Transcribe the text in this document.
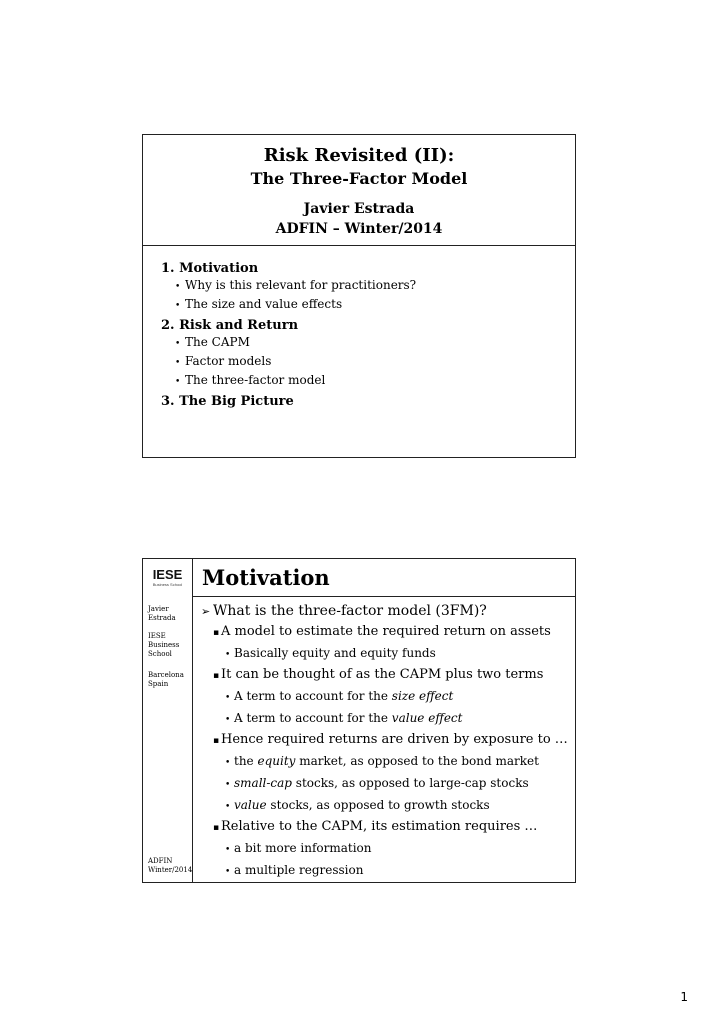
Risk Revisited (II):
The Three-Factor Model
Javier Estrada
ADFIN – Winter/2014
1. Motivation
• Why is this relevant for practitioners?
• The size and value effects
2. Risk and Return
• The CAPM
• Factor models
• The three-factor model
3. The Big Picture
IESE
Business School Motivation
Javier
Estrada
IESE
Business
School
Barcelona
Spain
ADFIN
Winter/2014
➢ What is the three-factor model (3FM)?
▪ A model to estimate the required return on assets
• Basically equity and equity funds
▪ It can be thought of as the CAPM plus two terms
• A term to account for the size effect
• A term to account for the value effect
▪ Hence required returns are driven by exposure to …
• the equity market, as opposed to the bond market
• small-cap stocks, as opposed to large-cap stocks
• value stocks, as opposed to growth stocks
▪ Relative to the CAPM, its estimation requires …
• a bit more information
• a multiple regression
1
